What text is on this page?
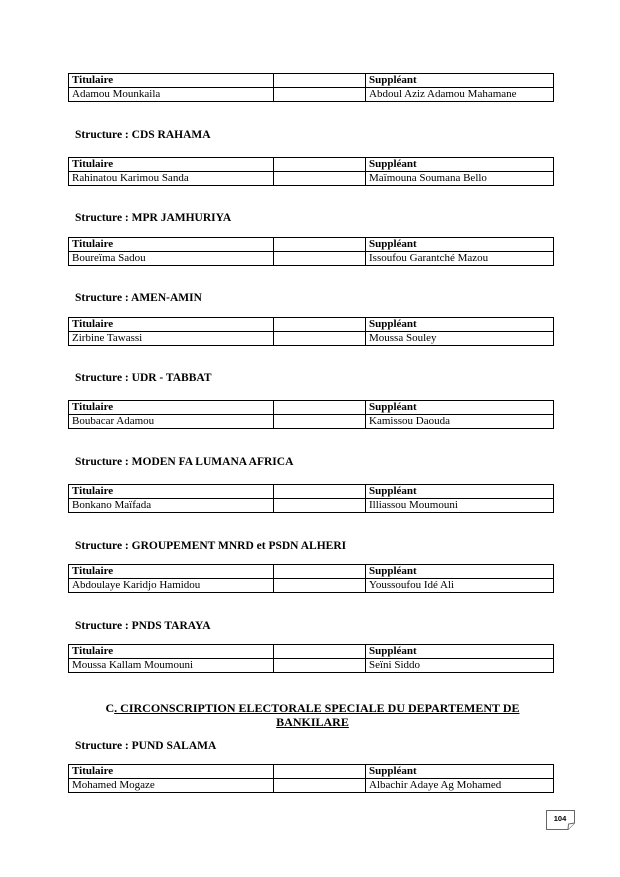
Titulaire		Suppléant
Adamou Mounkaila		Abdoul Aziz Adamou Mahamane
Structure : CDS RAHAMA
Titulaire		Suppléant
Rahinatou Karimou Sanda		Maïmouna Soumana Bello
Structure : MPR JAMHURIYA
Titulaire		Suppléant
Boureïma Sadou		Issoufou Garantché Mazou
Structure : AMEN-AMIN
Titulaire		Suppléant
Zirbine Tawassi		Moussa Souley
Structure : UDR - TABBAT
Titulaire		Suppléant
Boubacar Adamou		Kamissou Daouda
Structure : MODEN FA LUMANA AFRICA
Titulaire		Suppléant
Bonkano Maïfada		Illiassou Moumouni
Structure : GROUPEMENT MNRD et PSDN ALHERI
Titulaire		Suppléant
Abdoulaye Karidjo Hamidou		Youssoufou Idé Ali
Structure : PNDS TARAYA
Titulaire		Suppléant
Moussa Kallam Moumouni		Seïni Siddo
C. CIRCONSCRIPTION ELECTORALE SPECIALE DU DEPARTEMENT DE
BANKILARE
Structure : PUND SALAMA
Titulaire		Suppléant
Mohamed Mogaze		Albachir Adaye Ag Mohamed
104
